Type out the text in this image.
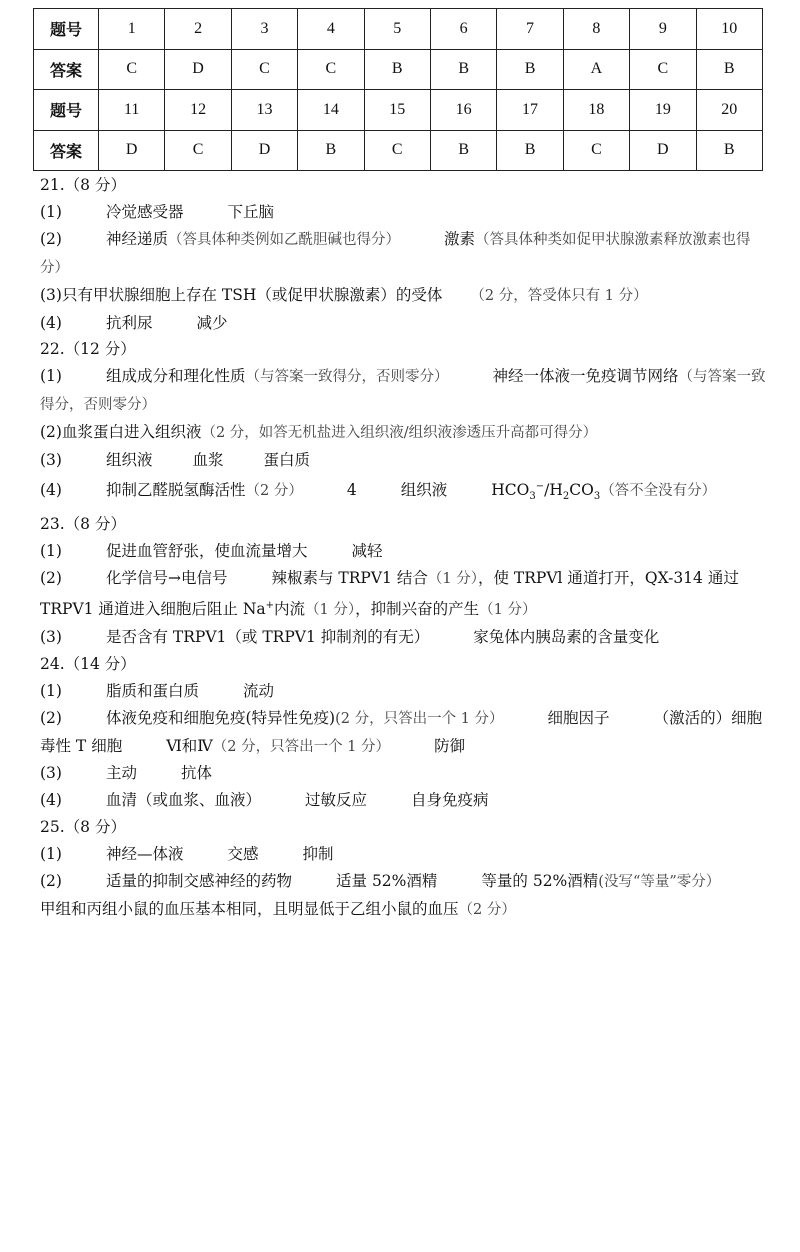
题号	1	2	3	4	5	6	7	8	9	10
答案	C	D	C	C	B	B	B	A	C	B
题号	11	12	13	14	15	16	17	18	19	20
答案	D	C	D	B	C	B	B	C	D	B
21.（8 分）
(1)	冷觉感受器	下丘脑
(2)	神经递质（答具体种类例如乙酰胆碱也得分）	激素（答具体种类如促甲状腺激素释放激素也得分）
(3)只有甲状腺细胞上存在 TSH（或促甲状腺激素）的受体 （2 分，答受体只有 1 分）
(4)	抗利尿	减少
22.（12 分）
(1)	组成成分和理化性质（与答案一致得分，否则零分）	神经一体液一免疫调节网络（与答案一致得分，否则零分）
(2)血浆蛋白进入组织液（2 分，如答无机盐进入组织液/组织液渗透压升高都可得分）
(3)	组织液	血浆	蛋白质
(4)	抑制乙醛脱氢酶活性（2 分）	4	组织液	$HCO_3^-/H_2CO_3$（答不全没有分）
23.（8 分）
(1)	促进血管舒张，使血流量增大	减轻
(2)	化学信号→电信号	辣椒素与 TRPV1 结合（1 分），使 TRPVl 通道打开，QX-314 通过 TRPV1 通道进入细胞后阻止 Na+内流（1 分），抑制兴奋的产生（1 分）
(3)	是否含有 TRPV1（或 TRPV1 抑制剂的有无）	家兔体内胰岛素的含量变化
24.（14 分）
(1)	脂质和蛋白质	流动
(2)	体液免疫和细胞免疫(特异性免疫)(2 分，只答出一个 1 分）	细胞因子	（激活的）细胞毒性 T 细胞	Ⅵ和Ⅳ（2 分，只答出一个 1 分）	防御
(3)	主动	抗体
(4)	血清（或血浆、血液）	过敏反应	自身免疫病
25.（8 分）
(1)	神经—体液	交感	抑制
(2)	适量的抑制交感神经的药物	适量 52%酒精	等量的 52%酒精(没写“等量”零分）甲组和丙组小鼠的血压基本相同，且明显低于乙组小鼠的血压（2 分）
